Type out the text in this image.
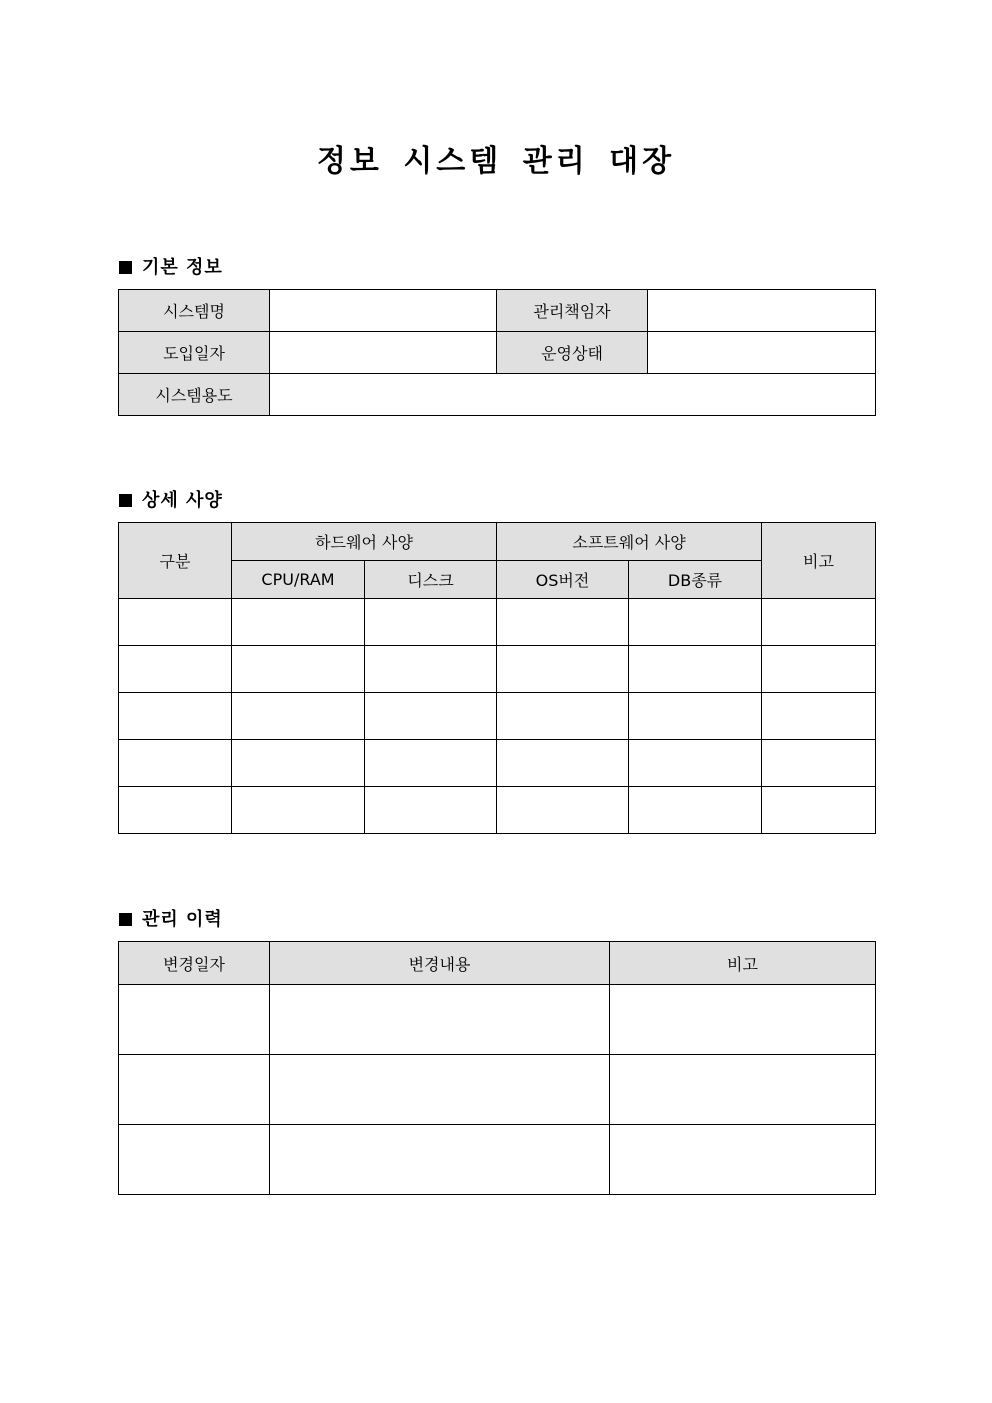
정보 시스템 관리 대장
기본 정보
시스템명		관리책임자	
도입일자		운영상태	
시스템용도			
상세 사양
구분	하드웨어 사양		소프트웨어 사양		비고
	CPU/RAM	디스크	OS버전	DB종류	

관리 이력
변경일자	변경내용	비고
